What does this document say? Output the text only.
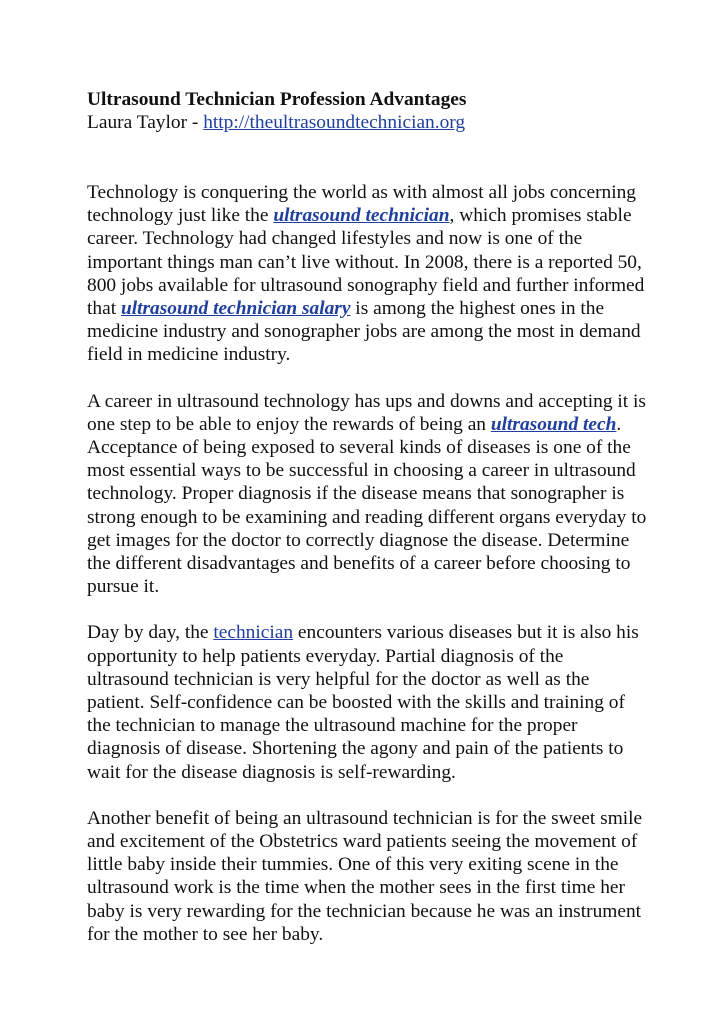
Ultrasound Technician Profession Advantages
Laura Taylor - http://theultrasoundtechnician.org

Technology is conquering the world as with almost all jobs concerning technology just like the ultrasound technician, which promises stable career. Technology had changed lifestyles and now is one of the important things man can’t live without. In 2008, there is a reported 50, 800 jobs available for ultrasound sonography field and further informed that ultrasound technician salary is among the highest ones in the medicine industry and sonographer jobs are among the most in demand field in medicine industry.

A career in ultrasound technology has ups and downs and accepting it is one step to be able to enjoy the rewards of being an ultrasound tech. Acceptance of being exposed to several kinds of diseases is one of the most essential ways to be successful in choosing a career in ultrasound technology. Proper diagnosis if the disease means that sonographer is strong enough to be examining and reading different organs everyday to get images for the doctor to correctly diagnose the disease. Determine the different disadvantages and benefits of a career before choosing to pursue it.

Day by day, the technician encounters various diseases but it is also his opportunity to help patients everyday. Partial diagnosis of the ultrasound technician is very helpful for the doctor as well as the patient. Self-confidence can be boosted with the skills and training of the technician to manage the ultrasound machine for the proper diagnosis of disease. Shortening the agony and pain of the patients to wait for the disease diagnosis is self-rewarding.

Another benefit of being an ultrasound technician is for the sweet smile and excitement of the Obstetrics ward patients seeing the movement of little baby inside their tummies. One of this very exiting scene in the ultrasound work is the time when the mother sees in the first time her baby is very rewarding for the technician because he was an instrument for the mother to see her baby.
